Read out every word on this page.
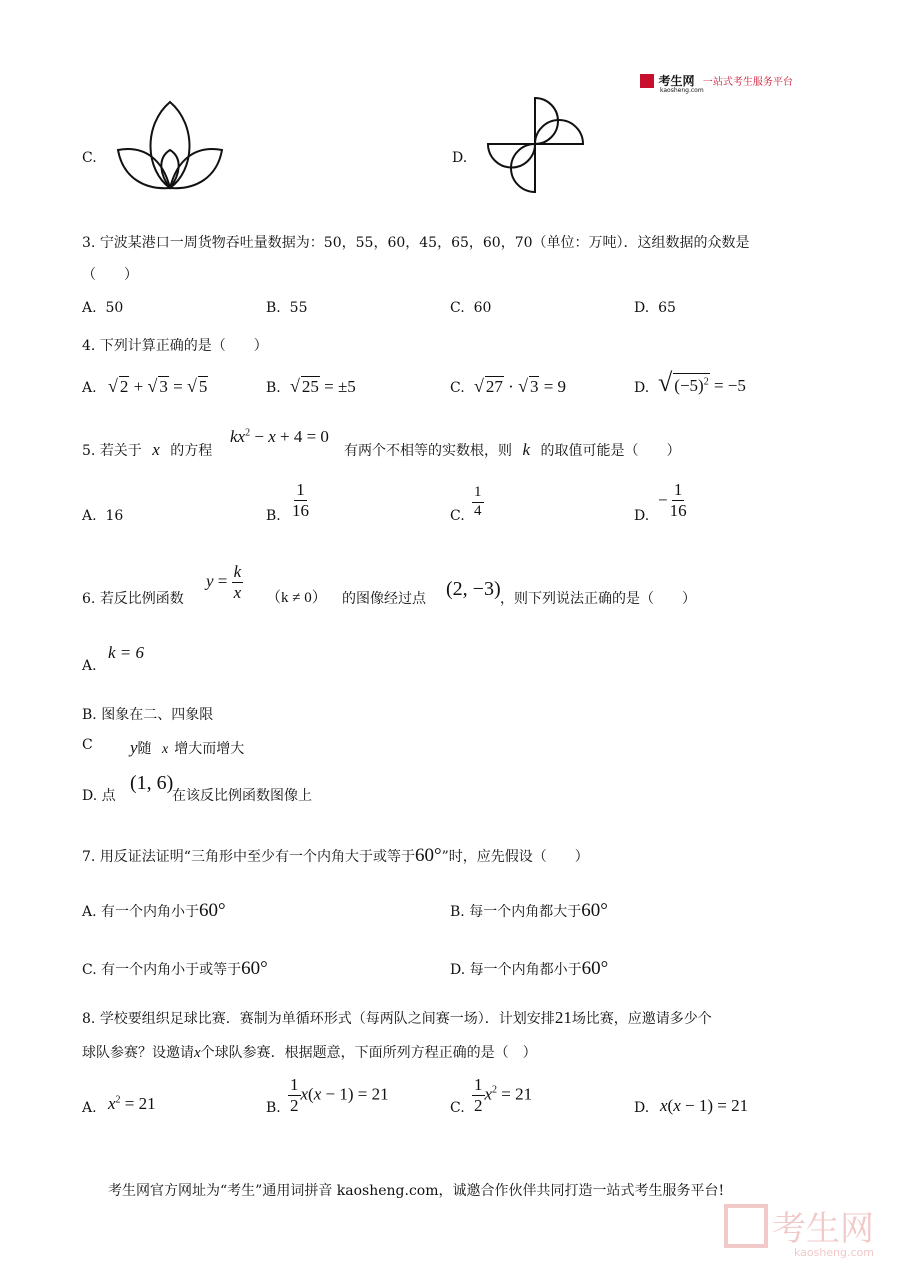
考生网
kaosheng.com
一站式考生服务平台
C.	D.
3. 宁波某港口一周货物吞吐量数据为：50，55，60，45，65，60，70（单位：万吨）．这组数据的众数是
（　　）
A. 50	B. 55	C. 60	D. 65
4. 下列计算正确的是（　　）
A. √ 2 + √ 3 = √ 5	B. √ 25 = ±5	C. √ 27 · √ 3 = 9	D. √ $(-5)^2 = -5$
5. 若关于 x 的方程
$kx^2 - x + 4 = 0$
有两个不相等的实数根，则 k 的取值可能是（　　）
A. 16	B. $\frac{1}{16}$	C. $\frac{1}{4}$	D.
− $\frac{1}{16}$
6. 若反比例函数
$y = \frac{k}{x} (k \ne 0)$ 的图像经过点 (2, −3) ，则下列说法正确的是（　　）
A.
k = 6
B. 图象在二、四象限
C y随 x 增大而增大
D. 点
(1, 6)
在该反比例函数图像上
7. 用反证法证明“三角形中至少有一个内角大于或等于60°”时，应先假设（　　）
A. 有一个内角小于60°	B. 每一个内角都大于60°
C. 有一个内角小于或等于60°	D. 每一个内角都小于60°
8. 学校要组织足球比赛．赛制为单循环形式（每两队之间赛一场）．计划安排21场比赛，应邀请多少个
球队参赛？设邀请x个球队参赛．根据题意，下面所列方程正确的是（　）
A. $x^2 = 21$	B. $\frac{1}{2} x(x - 1) = 21$
C. $\frac{1}{2} x^2 = 21$
D. x(x − 1) = 21
考生网官方网址为“考生”通用词拼音 kaosheng.com，诚邀合作伙伴共同打造一站式考生服务平台!
考生网
kaosheng.com
